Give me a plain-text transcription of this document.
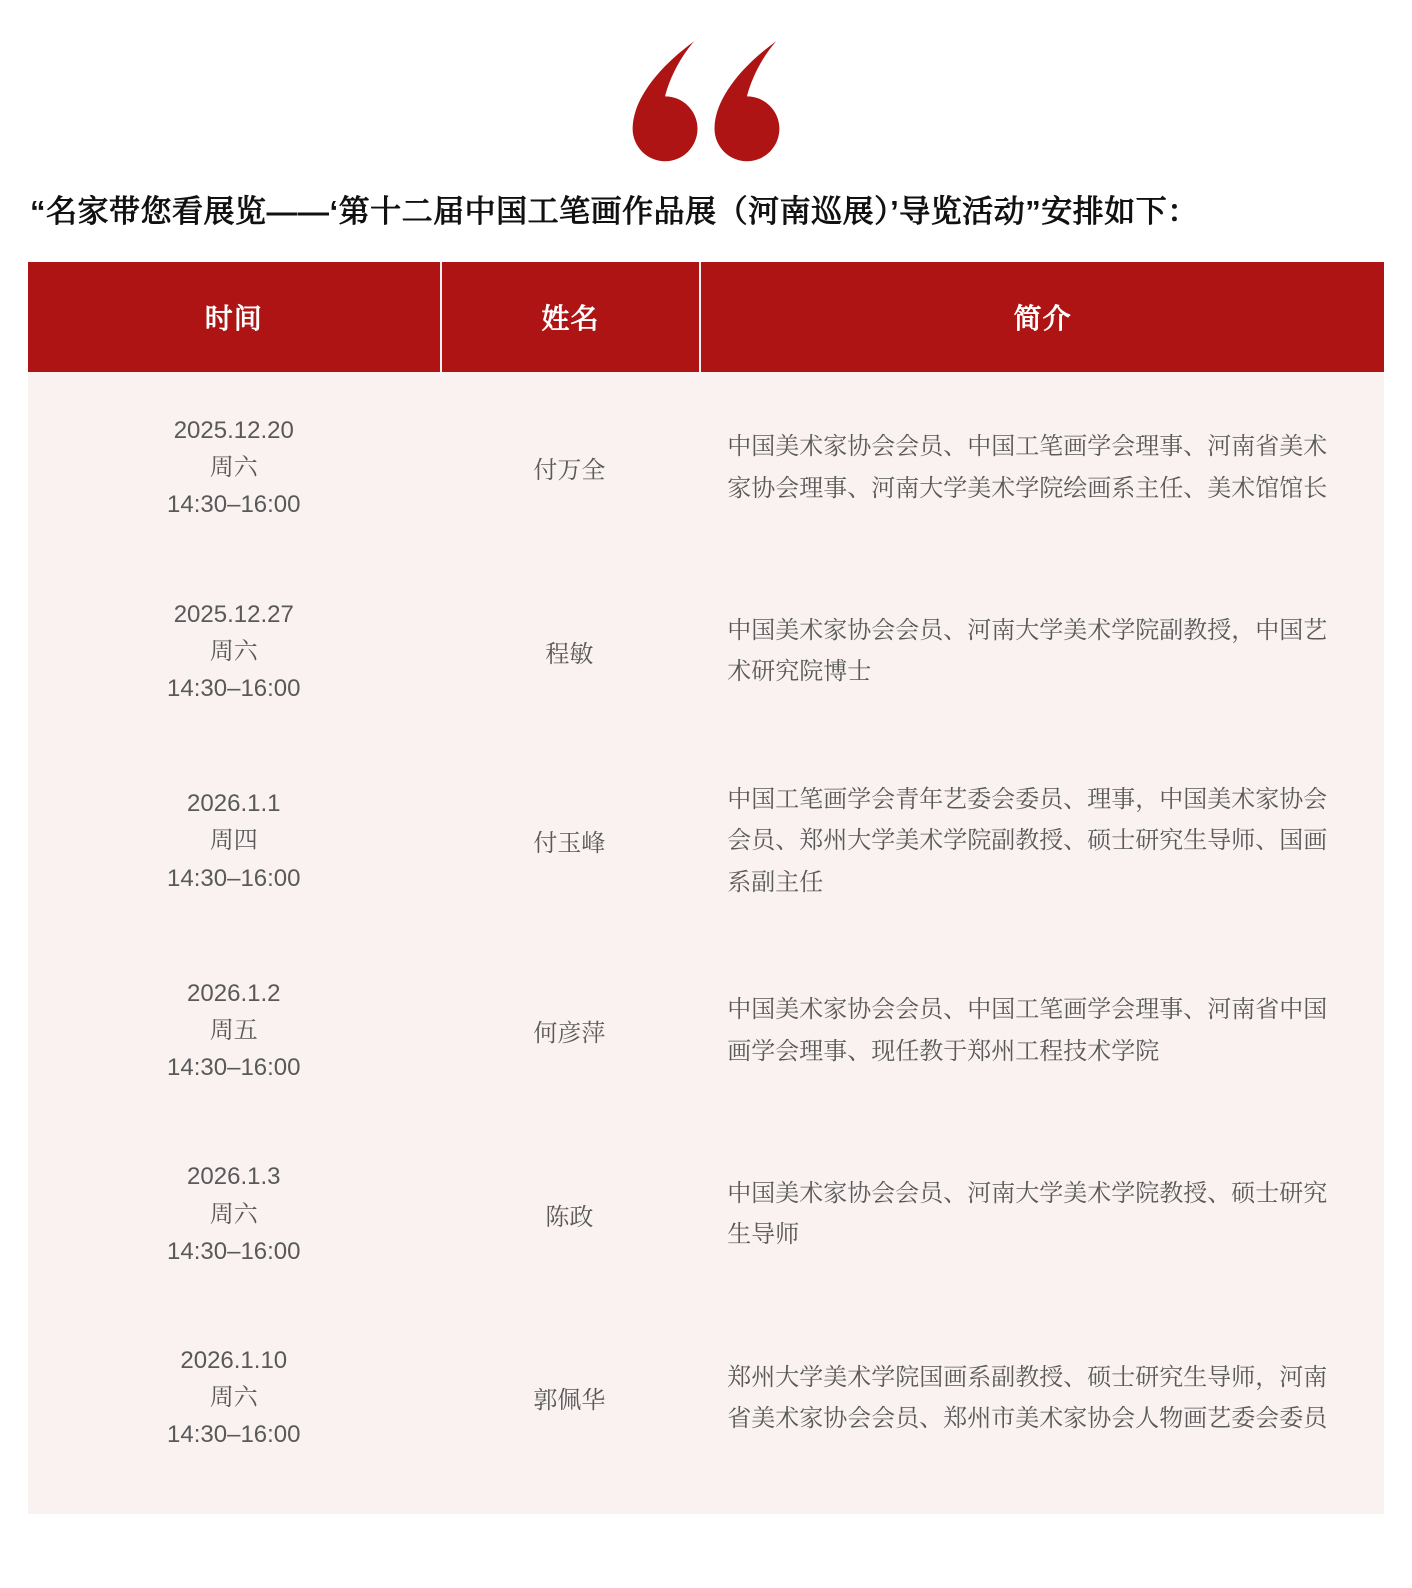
“名家带您看展览——‘第十二届中国工笔画作品展（河南巡展）’导览活动”安排如下：
时间	姓名	简介
2025.12.20
周六
14:30–16:00
付万全
中国美术家协会会员、中国工笔画学会理事、河南省美术家协会理事、河南大学美术学院绘画系主任、美术馆馆长
2025.12.27
周六
14:30–16:00
程敏
中国美术家协会会员、河南大学美术学院副教授，中国艺术研究院博士
2026.1.1
周四
14:30–16:00
付玉峰
中国工笔画学会青年艺委会委员、理事，中国美术家协会会员、郑州大学美术学院副教授、硕士研究生导师、国画系副主任
2026.1.2
周五
14:30–16:00
何彦萍
中国美术家协会会员、中国工笔画学会理事、河南省中国画学会理事、现任教于郑州工程技术学院
2026.1.3
周六
14:30–16:00
陈政
中国美术家协会会员、河南大学美术学院教授、硕士研究生导师
2026.1.10
周六
14:30–16:00
郭佩华
郑州大学美术学院国画系副教授、硕士研究生导师，河南省美术家协会会员、郑州市美术家协会人物画艺委会委员
